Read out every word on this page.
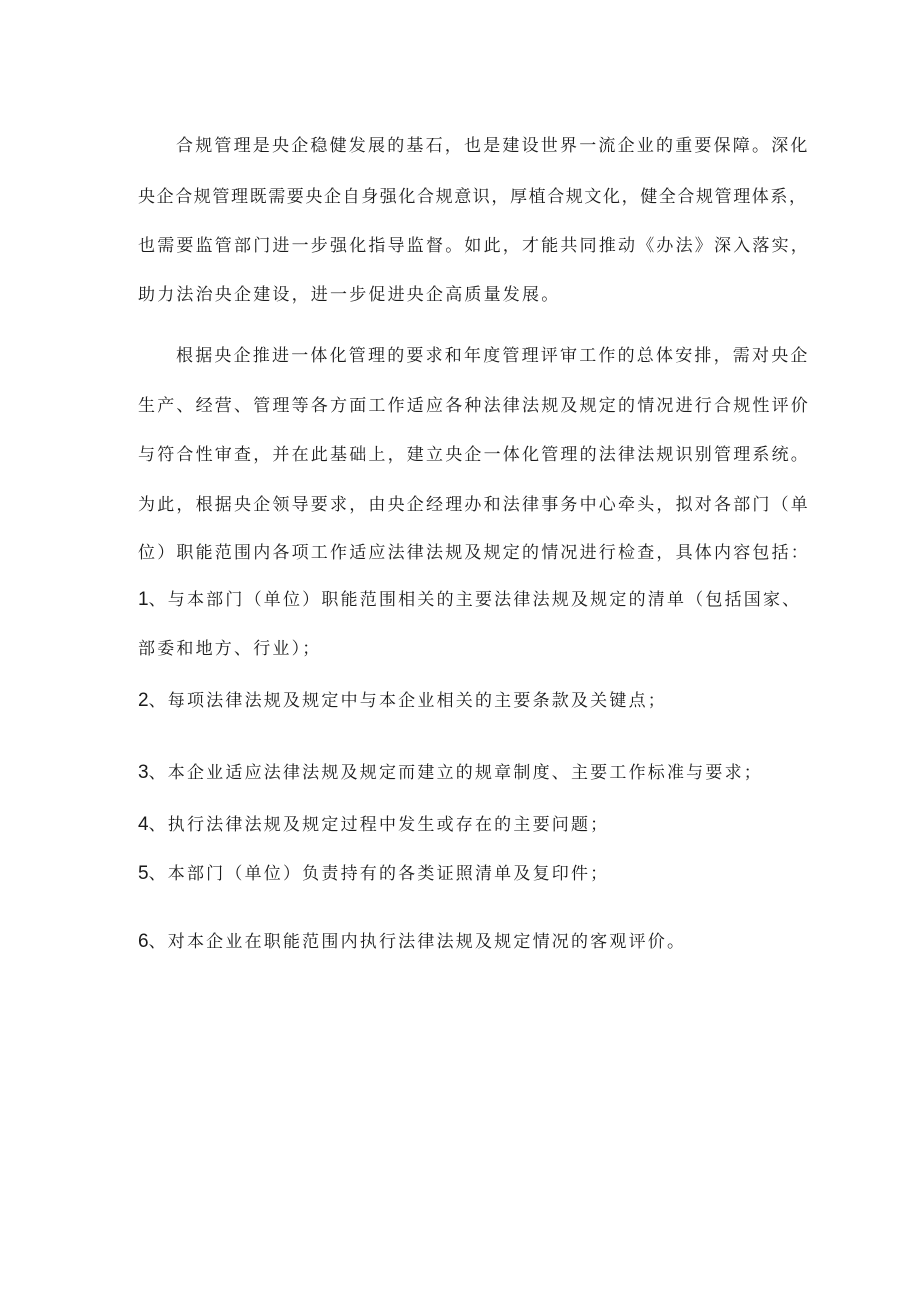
合规管理是央企稳健发展的基石，也是建设世界一流企业的重要保障。深化
央企合规管理既需要央企自身强化合规意识，厚植合规文化，健全合规管理体系，
也需要监管部门进一步强化指导监督。如此，才能共同推动《办法》深入落实，
助力法治央企建设，进一步促进央企高质量发展。
根据央企推进一体化管理的要求和年度管理评审工作的总体安排，需对央企
生产、经营、管理等各方面工作适应各种法律法规及规定的情况进行合规性评价
与符合性审查，并在此基础上，建立央企一体化管理的法律法规识别管理系统。
为此，根据央企领导要求，由央企经理办和法律事务中心牵头，拟对各部门（单
位）职能范围内各项工作适应法律法规及规定的情况进行检查，具体内容包括：
1、与本部门（单位）职能范围相关的主要法律法规及规定的清单（包括国家、
部委和地方、行业）；
2、每项法律法规及规定中与本企业相关的主要条款及关键点；
3、本企业适应法律法规及规定而建立的规章制度、主要工作标准与要求；
4、执行法律法规及规定过程中发生或存在的主要问题；
5、本部门（单位）负责持有的各类证照清单及复印件；
6、对本企业在职能范围内执行法律法规及规定情况的客观评价。
